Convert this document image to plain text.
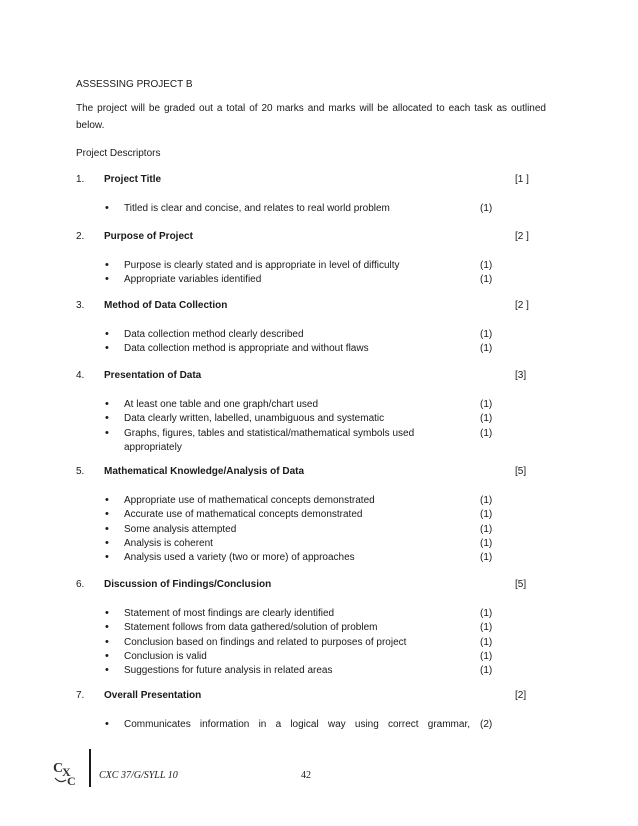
ASSESSING PROJECT B
The project will be graded out a total of 20 marks and marks will be allocated to each task as outlined below.
Project Descriptors
1. Project Title	[1 ]
• Titled is clear and concise, and relates to real world problem	(1)
2. Purpose of Project	[2 ]
• Purpose is clearly stated and is appropriate in level of difficulty	(1)
• Appropriate variables identified	(1)
3. Method of Data Collection	[2 ]
• Data collection method clearly described	(1)
• Data collection method is appropriate and without flaws	(1)
4. Presentation of Data	[3]
• At least one table and one graph/chart used	(1)
• Data clearly written, labelled, unambiguous and systematic	(1)
• Graphs, figures, tables and statistical/mathematical symbols used	(1)
appropriately
5. Mathematical Knowledge/Analysis of Data	[5]
• Appropriate use of mathematical concepts demonstrated	(1)
• Accurate use of mathematical concepts demonstrated	(1)
• Some analysis attempted	(1)
• Analysis is coherent	(1)
• Analysis used a variety (two or more) of approaches	(1)
6. Discussion of Findings/Conclusion	[5]
• Statement of most findings are clearly identified	(1)
• Statement follows from data gathered/solution of problem	(1)
• Conclusion based on findings and related to purposes of project	(1)
• Conclusion is valid	(1)
• Suggestions for future analysis in related areas	(1)
7. Overall Presentation	[2]
• Communicates information in a logical way using correct grammar, (2)
C
X
C CXC 37/G/SYLL 10	42
